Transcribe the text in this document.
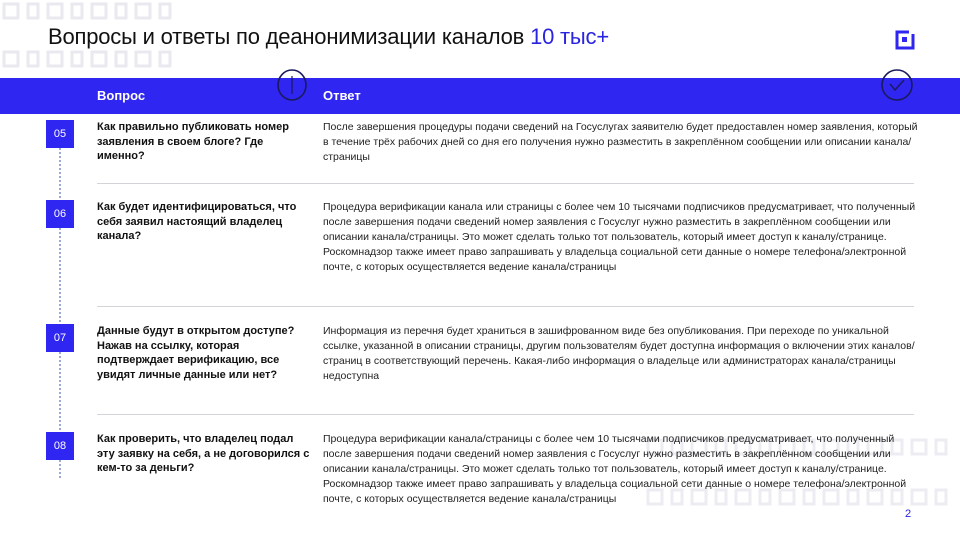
Вопросы и ответы по деанонимизации каналов 10 тыс+
Вопрос	Ответ
05
Как правильно публиковать номер заявления в своем блоге? Где именно?
После завершения процедуры подачи сведений на Госуслугах заявителю будет предоставлен номер заявления, который в течение трёх рабочих дней со дня его получения нужно разместить в закреплённом сообщении или описании канала/страницы
06
Как будет идентифицироваться, что себя заявил настоящий владелец канала?
Процедура верификации канала или страницы с более чем 10 тысячами подписчиков предусматривает, что полученный после завершения подачи сведений номер заявления с Госуслуг нужно разместить в закреплённом сообщении или описании канала/страницы. Это может сделать только тот пользователь, который имеет доступ к каналу/странице. Роскомнадзор также имеет право запрашивать у владельца социальной сети данные о номере телефона/электронной почте, с которых осуществляется ведение канала/страницы
07
Данные будут в открытом доступе? Нажав на ссылку, которая подтверждает верификацию, все увидят личные данные или нет?
Информация из перечня будет храниться в зашифрованном виде без опубликования. При переходе по уникальной ссылке, указанной в описании страницы, другим пользователям будет доступна информация о включении этих каналов/страниц в соответствующий перечень. Какая-либо информация о владельце или администраторах канала/страницы недоступна
08
Как проверить, что владелец подал эту заявку на себя, а не договорился с кем-то за деньги?
Процедура верификации канала/страницы с более чем 10 тысячами подписчиков предусматривает, что полученный после завершения подачи сведений номер заявления с Госуслуг нужно разместить в закреплённом сообщении или описании канала/страницы. Это может сделать только тот пользователь, который имеет доступ к каналу/странице. Роскомнадзор также имеет право запрашивать у владельца социальной сети данные о номере телефона/электронной почте, с которых осуществляется ведение канала/страницы
2
